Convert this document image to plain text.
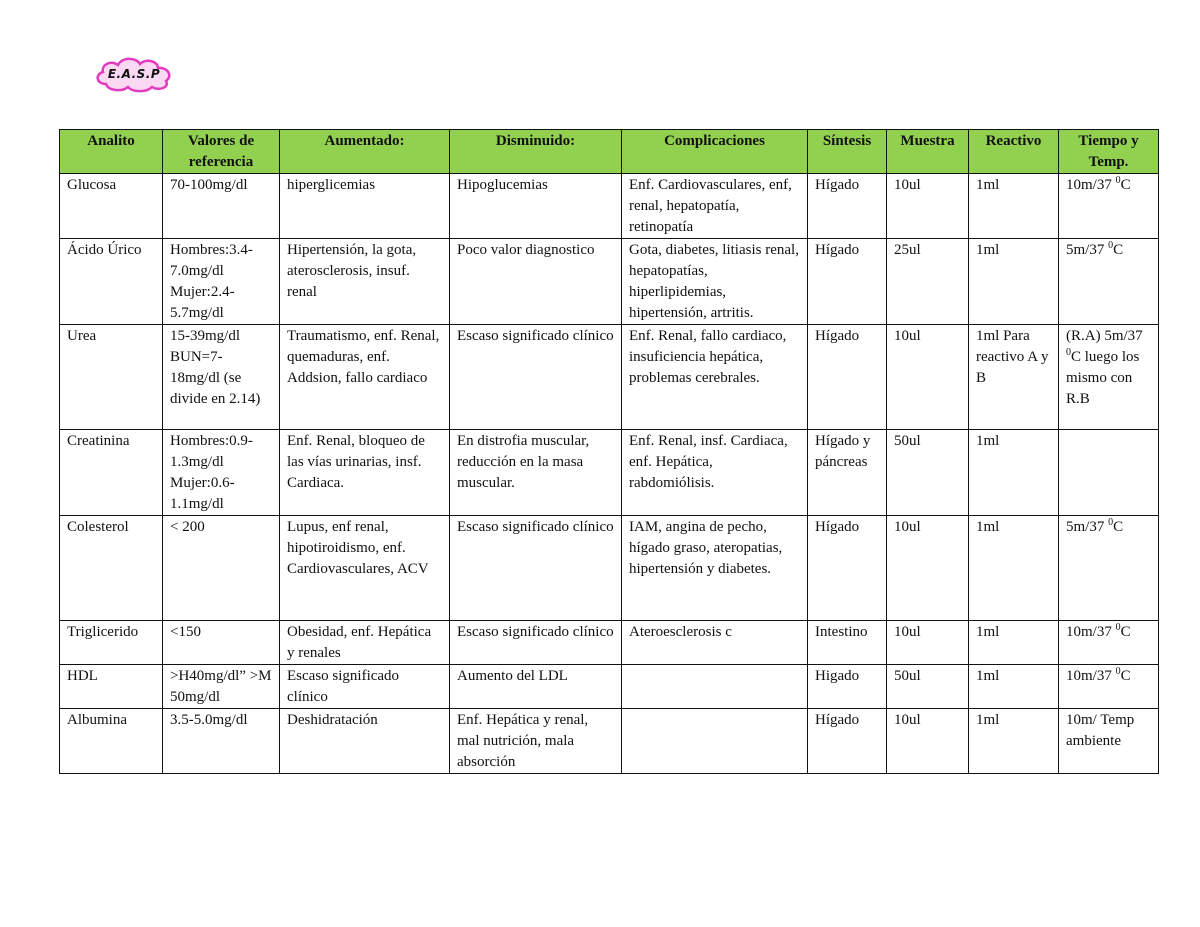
E.A.S.P
Analito	Valores de referencia	Aumentado:	Disminuido:	Complicaciones	Síntesis	Muestra	Reactivo	Tiempo y Temp.
Glucosa	70-100mg/dl	hiperglicemias	Hipoglucemias	Enf. Cardiovasculares, enf, renal, hepatopatía, retinopatía	Hígado	10ul	1ml	10m/37 $^0$C
Ácido Úrico	Hombres:3.4-7.0mg/dl Mujer:2.4-5.7mg/dl	Hipertensión, la gota, aterosclerosis, insuf. renal	Poco valor diagnostico	Gota, diabetes, litiasis renal, hepatopatías, hiperlipidemias, hipertensión, artritis.	Hígado	25ul	1ml	5m/37 $^0$C
Urea	15-39mg/dl BUN=7-18mg/dl (se divide en 2.14)	Traumatismo, enf. Renal, quemaduras, enf. Addsion, fallo cardiaco	Escaso significado clínico	Enf. Renal, fallo cardiaco, insuficiencia hepática, problemas cerebrales.	Hígado	10ul	1ml Para reactivo A y B	(R.A) 5m/37 $^0$C luego los mismo con R.B
Creatinina	Hombres:0.9-1.3mg/dl Mujer:0.6-1.1mg/dl	Enf. Renal, bloqueo de las vías urinarias, insf. Cardiaca.	En distrofia muscular, reducción en la masa muscular.	Enf. Renal, insf. Cardiaca, enf. Hepática, rabdomiólisis.	Hígado y páncreas	50ul	1ml	
Colesterol	< 200	Lupus, enf renal, hipotiroidismo, enf. Cardiovasculares, ACV	Escaso significado clínico	IAM, angina de pecho, hígado graso, ateropatias, hipertensión y diabetes.	Hígado	10ul	1ml	5m/37 $^0$C
Triglicerido	<150	Obesidad, enf. Hepática y renales	Escaso significado clínico	Ateroesclerosis c	Intestino	10ul	1ml	10m/37 $^0$C
HDL	>H40mg/dl” >M 50mg/dl	Escaso significado clínico	Aumento del LDL		Higado	50ul	1ml	10m/37 $^0$C
Albumina	3.5-5.0mg/dl	Deshidratación	Enf. Hepática y renal, mal nutrición, mala absorción		Hígado	10ul	1ml	10m/ Temp ambiente
